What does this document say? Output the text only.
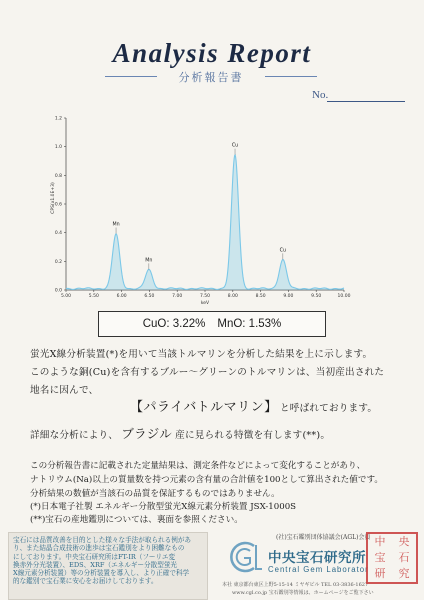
Analysis Report
分析報告書
No.
0.0
0.2
0.4
0.6
0.8
1.0
1.2
5.00	5.50	6.00	6.50	7.00	7.50	8.00	8.50	9.00	9.50	10.00
CPS(x1.0E+3)
keV
Mn
Mn
Cu
Cu
CuO: 3.22% MnO: 1.53%
蛍光X線分析装置(*)を用いて当該トルマリンを分析した結果を上に示します。
このような銅(Cu)を含有するブルー～グリーンのトルマリンは、当初産出された
地名に因んで、
【パライバトルマリン】 と呼ばれております。
詳細な分析により、 ブラジル 産に見られる特徴を有します(**)。
この分析報告書に記載された定量結果は、測定条件などによって変化することがあり、
ナトリウム(Na)以上の質量数を持つ元素の含有量の合計値を100として算出された値です。
分析結果の数値が当該石の品質を保証するものではありません。
(*)日本電子社製 エネルギー分散型蛍光X線元素分析装置 JSX-1000S
(**)宝石の産地鑑別については、裏面を参照ください。
宝石には品質改善を目的とした様々な手法が取られる例があ
り、また結晶合成技術の進歩は宝石鑑別をより困難なもの
にしております。中央宝石研究所はFT-IR（フーリエ変
換赤外分光装置）、EDS、XRF（エネルギー分散型蛍光
X線元素分析装置）等の分析装置を導入し、より正確で科学
的な鑑別で宝石業に安心をお届けしております。
(社)宝石鑑別団体協議会(AGL)会員
中央宝石研究所
Central Gem Laborator
本社 東京都台東区上野5-15-14 ミヤギビル TEL 03-3836-1627
www.cgl.co.jp 宝石鑑別等情報は、ホームページをご覧下さい
中	央
宝	石
研	究
